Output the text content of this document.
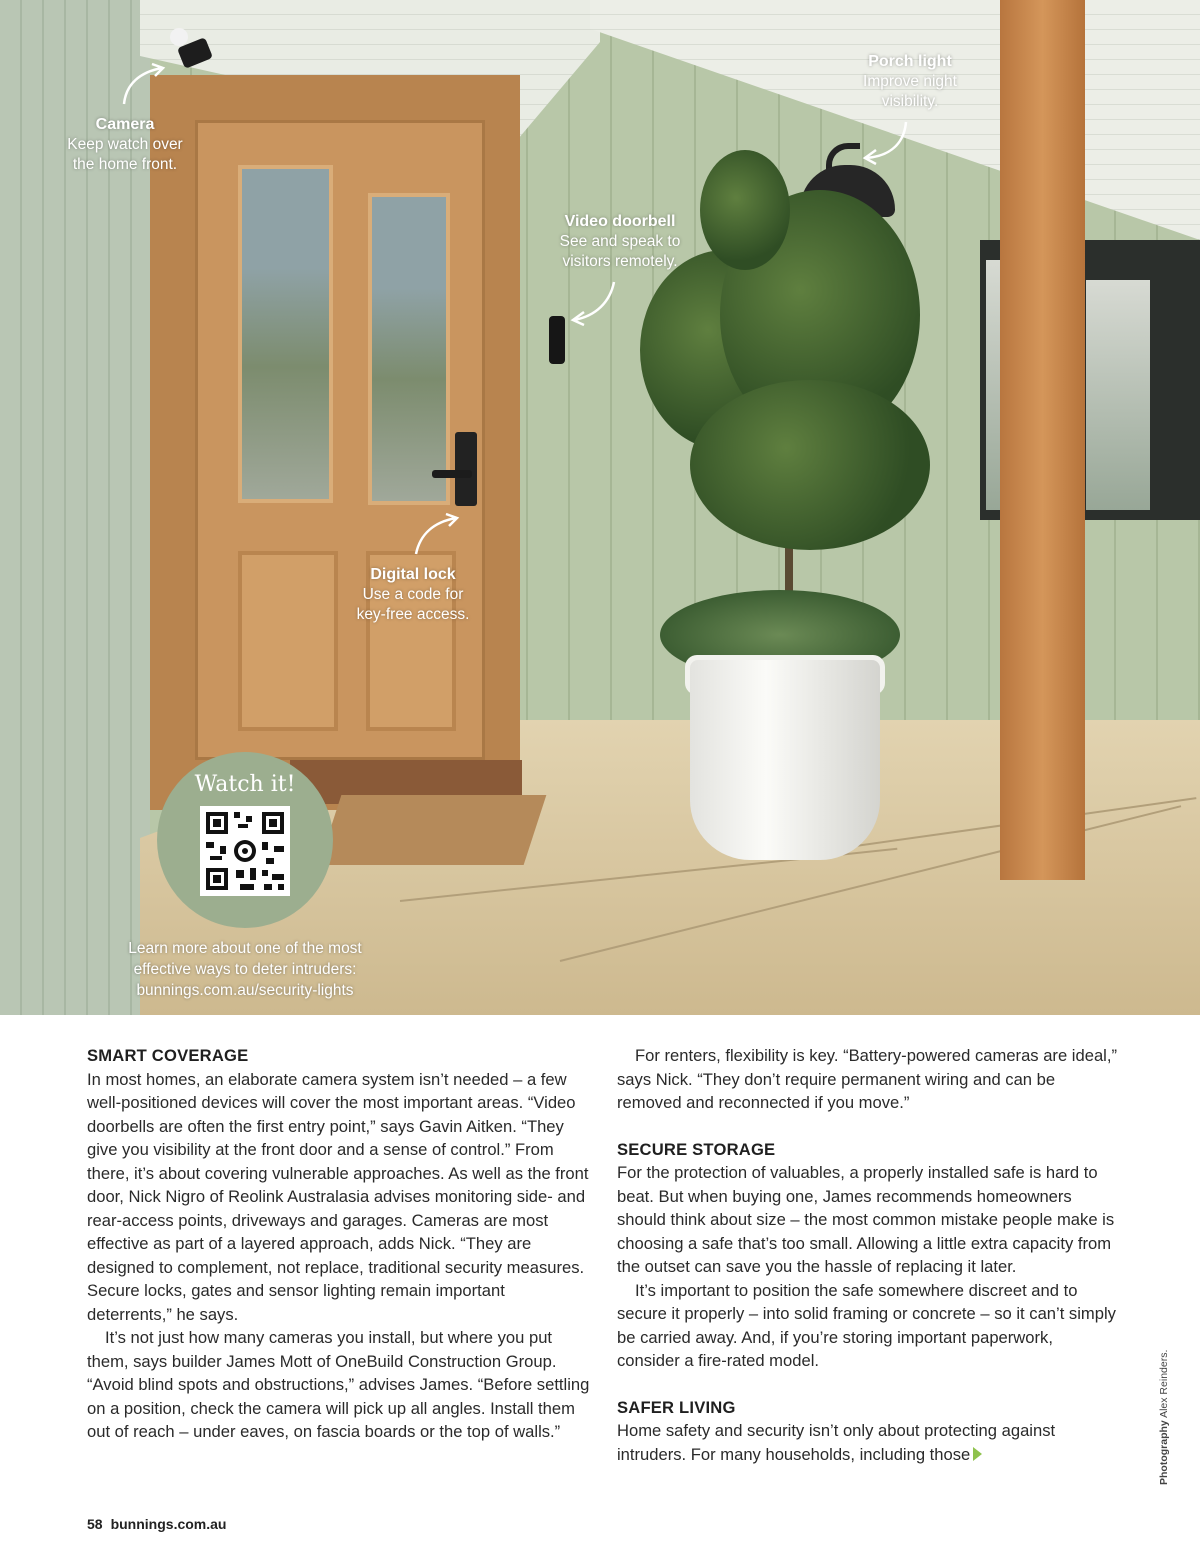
Camera
Keep watch over the home front.
Porch light
Improve night visibility.
Video doorbell
See and speak to visitors remotely.
Digital lock
Use a code for key-free access.
Watch it!
Learn more about one of the most
effective ways to deter intruders:
bunnings.com.au/security-lights
SMART COVERAGE

In most homes, an elaborate camera system isn’t needed – a few well-positioned devices will cover the most important areas. “Video doorbells are often the first entry point,” says Gavin Aitken. “They give you visibility at the front door and a sense of control.” From there, it’s about covering vulnerable approaches. As well as the front door, Nick Nigro of Reolink Australasia advises monitoring side- and rear-access points, driveways and garages. Cameras are most effective as part of a layered approach, adds Nick. “They are designed to complement, not replace, traditional security measures. Secure locks, gates and sensor lighting remain important deterrents,” he says.

It’s not just how many cameras you install, but where you put them, says builder James Mott of OneBuild Construction Group. “Avoid blind spots and obstructions,” advises James. “Before settling on a position, check the camera will pick up all angles. Install them out of reach – under eaves, on fascia boards or the top of walls.”

For renters, flexibility is key. “Battery-powered cameras are ideal,” says Nick. “They don’t require permanent wiring and can be removed and reconnected if you move.”

SECURE STORAGE

For the protection of valuables, a properly installed safe is hard to beat. But when buying one, James recommends homeowners should think about size – the most common mistake people make is choosing a safe that’s too small. Allowing a little extra capacity from the outset can save you the hassle of replacing it later.

It’s important to position the safe somewhere discreet and to secure it properly – into solid framing or concrete – so it can’t simply be carried away. And, if you’re storing important paperwork, consider a fire-rated model.

SAFER LIVING

Home safety and security isn’t only about protecting against intruders. For many households, including those	Photography Alex Reinders.
58 bunnings.com.au
